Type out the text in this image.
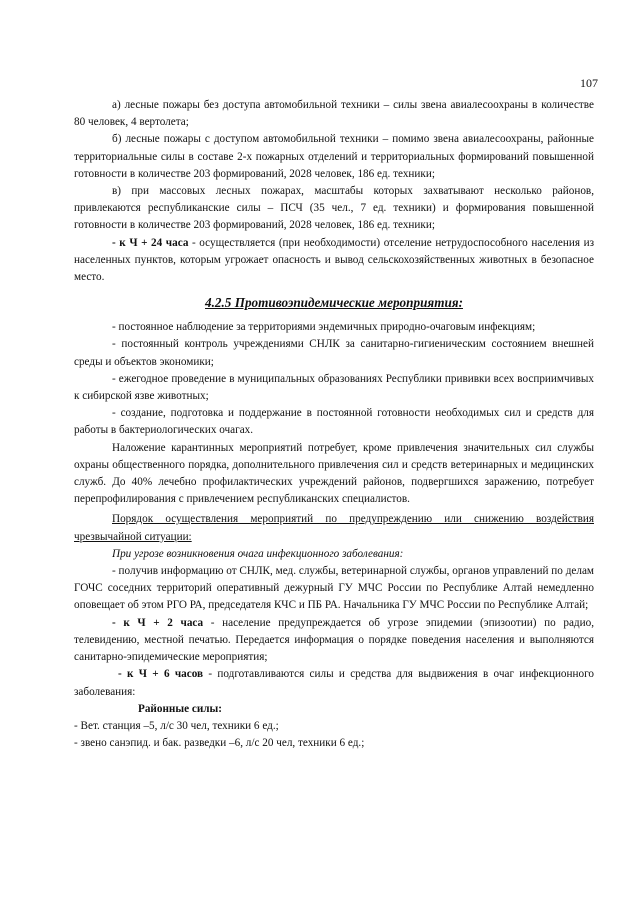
107

а) лесные пожары без доступа автомобильной техники – силы звена авиалесоохраны в количестве 80 человек, 4 вертолета;

б) лесные пожары с доступом автомобильной техники – помимо звена авиалесоохраны, районные территориальные силы в составе 2-х пожарных отделений и территориальных формирований повышенной готовности в количестве 203 формирований, 2028 человек, 186 ед. техники;

в) при массовых лесных пожарах, масштабы которых захватывают несколько районов, привлекаются республиканские силы – ПСЧ (35 чел., 7 ед. техники) и формирования повышенной готовности в количестве 203 формирований, 2028 человек, 186 ед. техники;

- к Ч + 24 часа - осуществляется (при необходимости) отселение нетрудоспособного населения из населенных пунктов, которым угрожает опасность и вывод сельскохозяйственных животных в безопасное место.

4.2.5 Противоэпидемические мероприятия:

- постоянное наблюдение за территориями эндемичных природно-очаговым инфекциям;

- постоянный контроль учреждениями СНЛК за санитарно-гигиеническим состоянием внешней среды и объектов экономики;

- ежегодное проведение в муниципальных образованиях Республики прививки всех восприимчивых к сибирской язве животных;

- создание, подготовка и поддержание в постоянной готовности необходимых сил и средств для работы в бактериологических очагах.

Наложение карантинных мероприятий потребует, кроме привлечения значительных сил службы охраны общественного порядка, дополнительного привлечения сил и средств ветеринарных и медицинских служб. До 40% лечебно профилактических учреждений районов, подвергшихся заражению, потребует перепрофилирования с привлечением республиканских специалистов.

Порядок осуществления мероприятий по предупреждению или снижению воздействия чрезвычайной ситуации:

При угрозе возникновения очага инфекционного заболевания:

- получив информацию от СНЛК, мед. службы, ветеринарной службы, органов управлений по делам ГОЧС соседних территорий оперативный дежурный ГУ МЧС России по Республике Алтай немедленно оповещает об этом РГО РА, председателя КЧС и ПБ РА. Начальника ГУ МЧС России по Республике Алтай;

- к Ч + 2 часа - население предупреждается об угрозе эпидемии (эпизоотии) по радио, телевидению, местной печатью. Передается информация о порядке поведения населения и выполняются санитарно-эпидемические мероприятия;

- к Ч + 6 часов - подготавливаются силы и средства для выдвижения в очаг инфекционного заболевания:

Районные силы:

- Вет. станция –5, л/с 30 чел, техники 6 ед.;

- звено санэпид. и бак. разведки –6, л/с 20 чел, техники 6 ед.;
